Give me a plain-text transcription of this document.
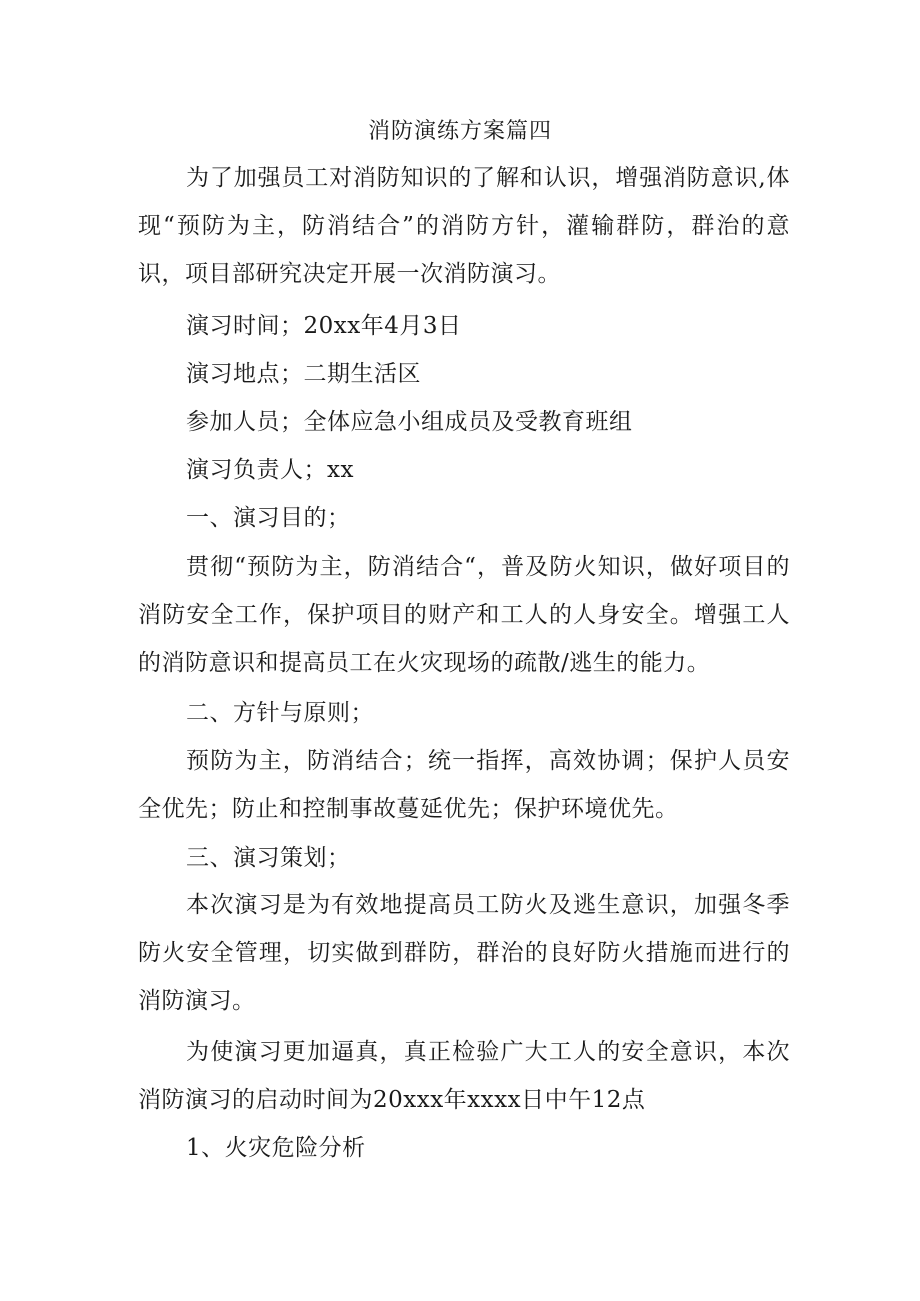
消防演练方案篇四

为了加强员工对消防知识的了解和认识，增强消防意识,体现“预防为主，防消结合”的消防方针，灌输群防，群治的意识，项目部研究决定开展一次消防演习。

演习时间；20xx年4月3日

演习地点；二期生活区

参加人员；全体应急小组成员及受教育班组

演习负责人；xx

一、演习目的；

贯彻“预防为主，防消结合“，普及防火知识，做好项目的消防安全工作，保护项目的财产和工人的人身安全。增强工人的消防意识和提高员工在火灾现场的疏散/逃生的能力。

二、方针与原则；

预防为主，防消结合；统一指挥，高效协调；保护人员安全优先；防止和控制事故蔓延优先；保护环境优先。

三、演习策划；

本次演习是为有效地提高员工防火及逃生意识，加强冬季防火安全管理，切实做到群防，群治的良好防火措施而进行的消防演习。

为使演习更加逼真，真正检验广大工人的安全意识，本次消防演习的启动时间为20xxx年xxxx日中午12点

1、火灾危险分析
